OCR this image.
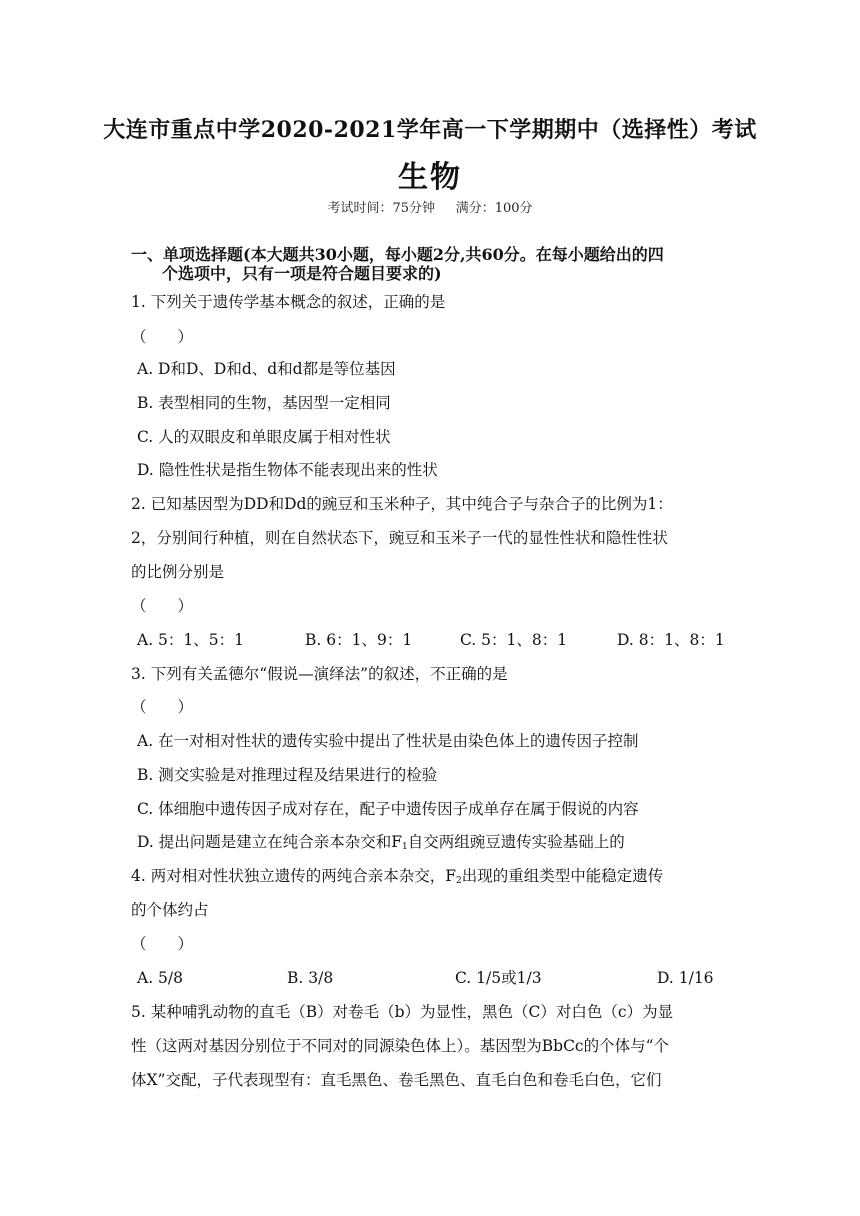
大连市重点中学2020-2021学年高一下学期期中（选择性）考试
生物
考试时间：75分钟     满分：100分
一、单项选择题(本大题共30小题，每小题2分,共60分。在每小题给出的四
个选项中，只有一项是符合题目要求的)
1. 下列关于遗传学基本概念的叙述，正确的是
（　　）
A. D和D、D和d、d和d都是等位基因
B. 表型相同的生物，基因型一定相同
C. 人的双眼皮和单眼皮属于相对性状
D. 隐性性状是指生物体不能表现出来的性状
2. 已知基因型为DD和Dd的豌豆和玉米种子，其中纯合子与杂合子的比例为1：
2，分别间行种植，则在自然状态下，豌豆和玉米子一代的显性性状和隐性性状
的比例分别是
（　　）
A. 5：1、5：1	B. 6：1、9：1	C. 5：1、8：1	D. 8：1、8：1
3. 下列有关孟德尔“假说—演绎法”的叙述，不正确的是
（　　）
A. 在一对相对性状的遗传实验中提出了性状是由染色体上的遗传因子控制
B. 测交实验是对推理过程及结果进行的检验
C. 体细胞中遗传因子成对存在，配子中遗传因子成单存在属于假说的内容
D. 提出问题是建立在纯合亲本杂交和$F_1$自交两组豌豆遗传实验基础上的
4. 两对相对性状独立遗传的两纯合亲本杂交，$F_2$出现的重组类型中能稳定遗传
的个体约占
（　　）
A. 5/8	B. 3/8	C. 1/5或1/3	D. 1/16
5. 某种哺乳动物的直毛（B）对卷毛（b）为显性，黑色（C）对白色（c）为显
性（这两对基因分别位于不同对的同源染色体上）。基因型为BbCc的个体与“个
体X”交配，子代表现型有：直毛黑色、卷毛黑色、直毛白色和卷毛白色，它们
